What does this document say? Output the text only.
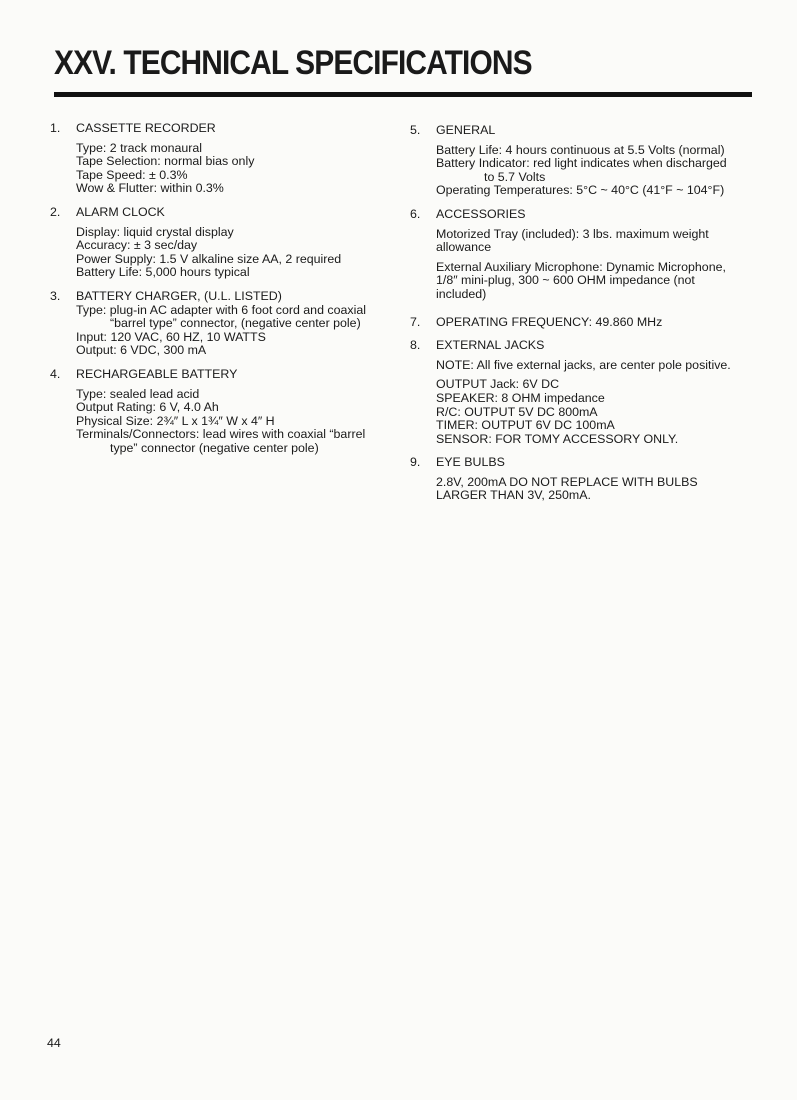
XXV. TECHNICAL SPECIFICATIONS
1. CASSETTE RECORDER
Type: 2 track monaural
Tape Selection: normal bias only
Tape Speed: ± 0.3%
Wow & Flutter: within 0.3%
2. ALARM CLOCK
Display: liquid crystal display
Accuracy: ± 3 sec/day
Power Supply: 1.5 V alkaline size AA, 2 required
Battery Life: 5,000 hours typical
3. BATTERY CHARGER, (U.L. LISTED)
Type: plug-in AC adapter with 6 foot cord and coaxial
“barrel type” connector, (negative center pole)
Input: 120 VAC, 60 HZ, 10 WATTS
Output: 6 VDC, 300 mA
4. RECHARGEABLE BATTERY
Type: sealed lead acid
Output Rating: 6 V, 4.0 Ah
Physical Size: 2¾″ L x 1¾″ W x 4″ H
Terminals/Connectors: lead wires with coaxial “barrel
type” connector (negative center pole)
5. GENERAL
Battery Life: 4 hours continuous at 5.5 Volts (normal)
Battery Indicator: red light indicates when discharged
to 5.7 Volts
Operating Temperatures: 5°C ~ 40°C (41°F ~ 104°F)
6. ACCESSORIES
Motorized Tray (included): 3 lbs. maximum weight
allowance
External Auxiliary Microphone: Dynamic Microphone,
1/8″ mini-plug, 300 ~ 600 OHM impedance (not
included)
7. OPERATING FREQUENCY: 49.860 MHz
8. EXTERNAL JACKS
NOTE: All five external jacks, are center pole positive.
OUTPUT Jack: 6V DC
SPEAKER: 8 OHM impedance
R/C: OUTPUT 5V DC 800mA
TIMER: OUTPUT 6V DC 100mA
SENSOR: FOR TOMY ACCESSORY ONLY.
9. EYE BULBS
2.8V, 200mA DO NOT REPLACE WITH BULBS
LARGER THAN 3V, 250mA.
44
